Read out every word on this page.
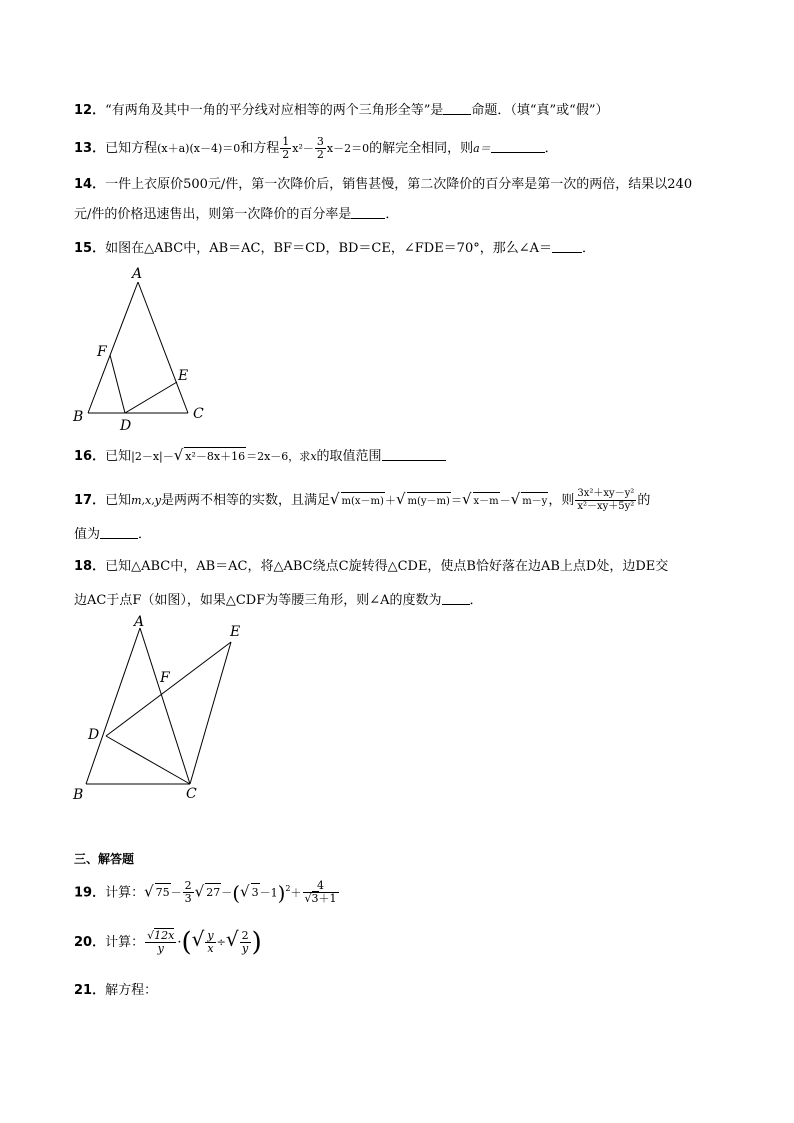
12．“有两角及其中一角的平分线对应相等的两个三角形全等”是 命题．（填“真”或“假”）
13．已知方程(x＋a)(x－4)＝0和方程 $\frac{1}{2} x^2- \frac{3}{2} x-2=0$的解完全相同，则a＝	．
14．一件上衣原价500元/件，第一次降价后，销售甚慢，第二次降价的百分率是第一次的两倍，结果以240
元/件的价格迅速售出，则第一次降价的百分率是	．
15．如图在△ABC中，AB＝AC，BF＝CD，BD＝CE，∠FDE＝70°，那么∠A＝ ．
A
B	C
D
E
F
16．已知|2－x|－√ x²－8x＋16＝2x－6，求x的取值范围
17．已知m,x,y是两两不相等的实数，且满足√ m(x－m)＋√ m(y－m)＝√ x－m－√ m－y，则 $\frac{\text{3x²＋xy－y²}}{\text{x²－xy＋5y²}}$ 的
值为	．
18．已知△ABC中，AB＝AC，将△ABC绕点C旋转得△CDE，使点B恰好落在边AB上点D处，边DE交
边AC于点F（如图），如果△CDF为等腰三角形，则∠A的度数为 ．
A
B	C
D
E
F
三、解答题
19．计算：√ $75- \frac{2}{3}$ √ 27－(√ $3-1)^2+ \frac{4}{√3+1}$
20．计算： $\frac{√12x}{y}$ ·(√ $\frac{y}{x}$ ÷√ $\frac{2}{y}$ )
21．解方程：
